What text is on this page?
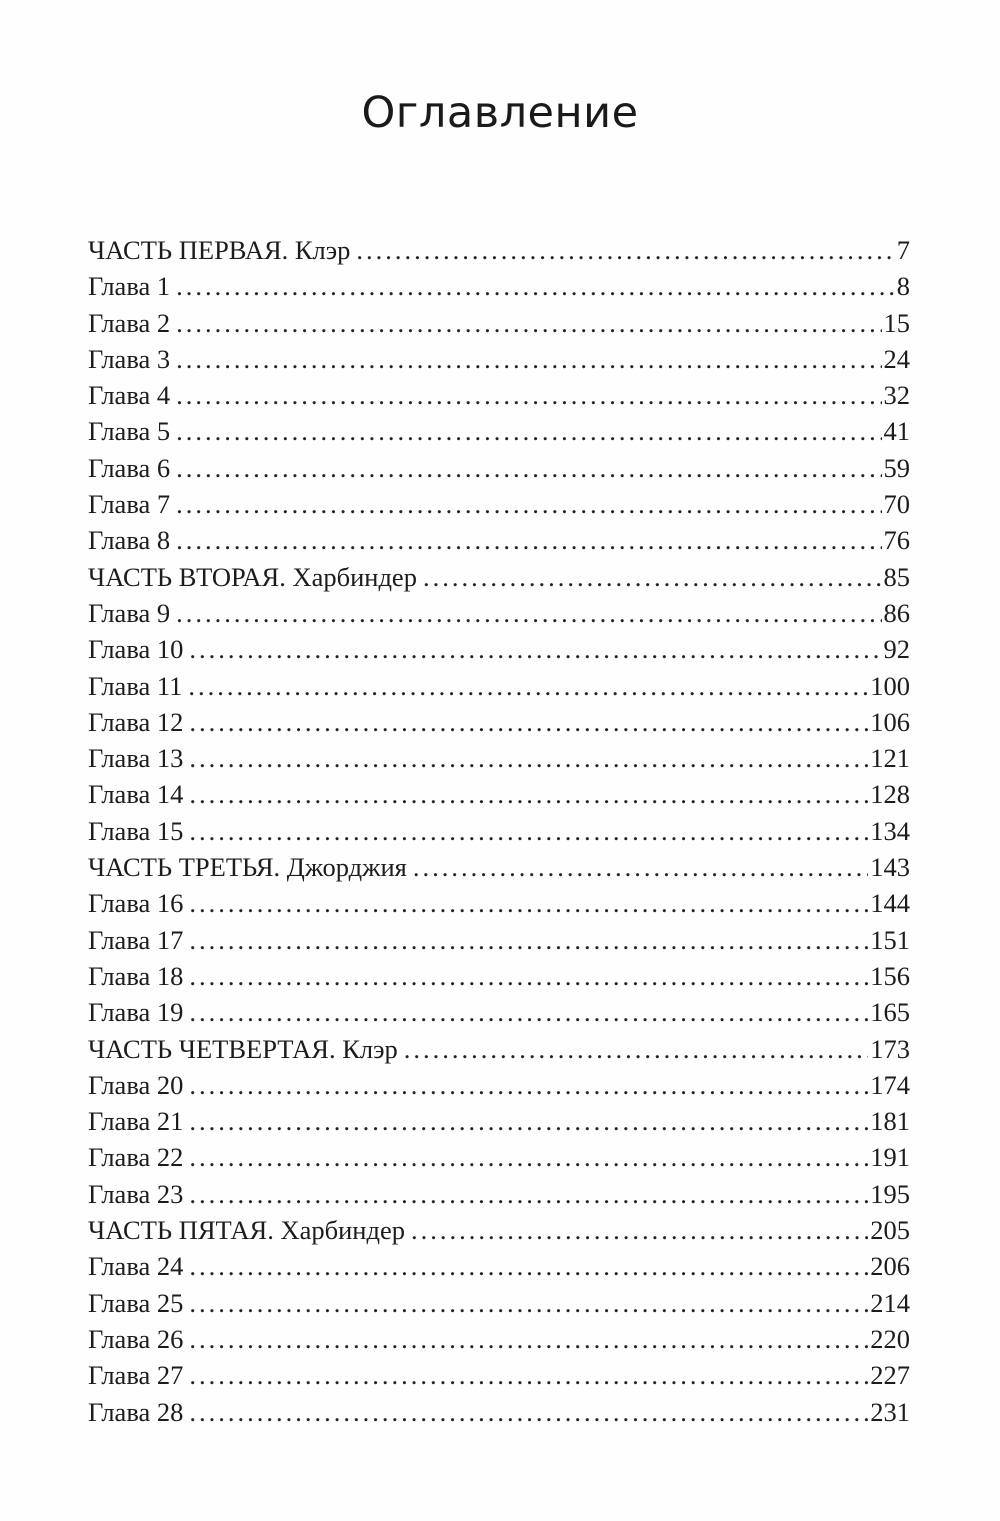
Оглавление
ЧАСТЬ ПЕРВАЯ. Клэр .....	7
Глава 1 .....	8
Глава 2 .....	15
Глава 3 .....	24
Глава 4 .....	32
Глава 5 .....	41
Глава 6 .....	59
Глава 7 .....	70
Глава 8 .....	76
ЧАСТЬ ВТОРАЯ. Харбиндер .....	85
Глава 9 .....	86
Глава 10 .....	92
Глава 11 .....	100
Глава 12 .....	106
Глава 13 .....	121
Глава 14 .....	128
Глава 15 .....	134
ЧАСТЬ ТРЕТЬЯ. Джорджия .....	143
Глава 16 .....	144
Глава 17 .....	151
Глава 18 .....	156
Глава 19 .....	165
ЧАСТЬ ЧЕТВЕРТАЯ. Клэр .....	173
Глава 20 .....	174
Глава 21 .....	181
Глава 22 .....	191
Глава 23 .....	195
ЧАСТЬ ПЯТАЯ. Харбиндер .....	205
Глава 24 .....	206
Глава 25 .....	214
Глава 26 .....	220
Глава 27 .....	227
Глава 28 .....	231
